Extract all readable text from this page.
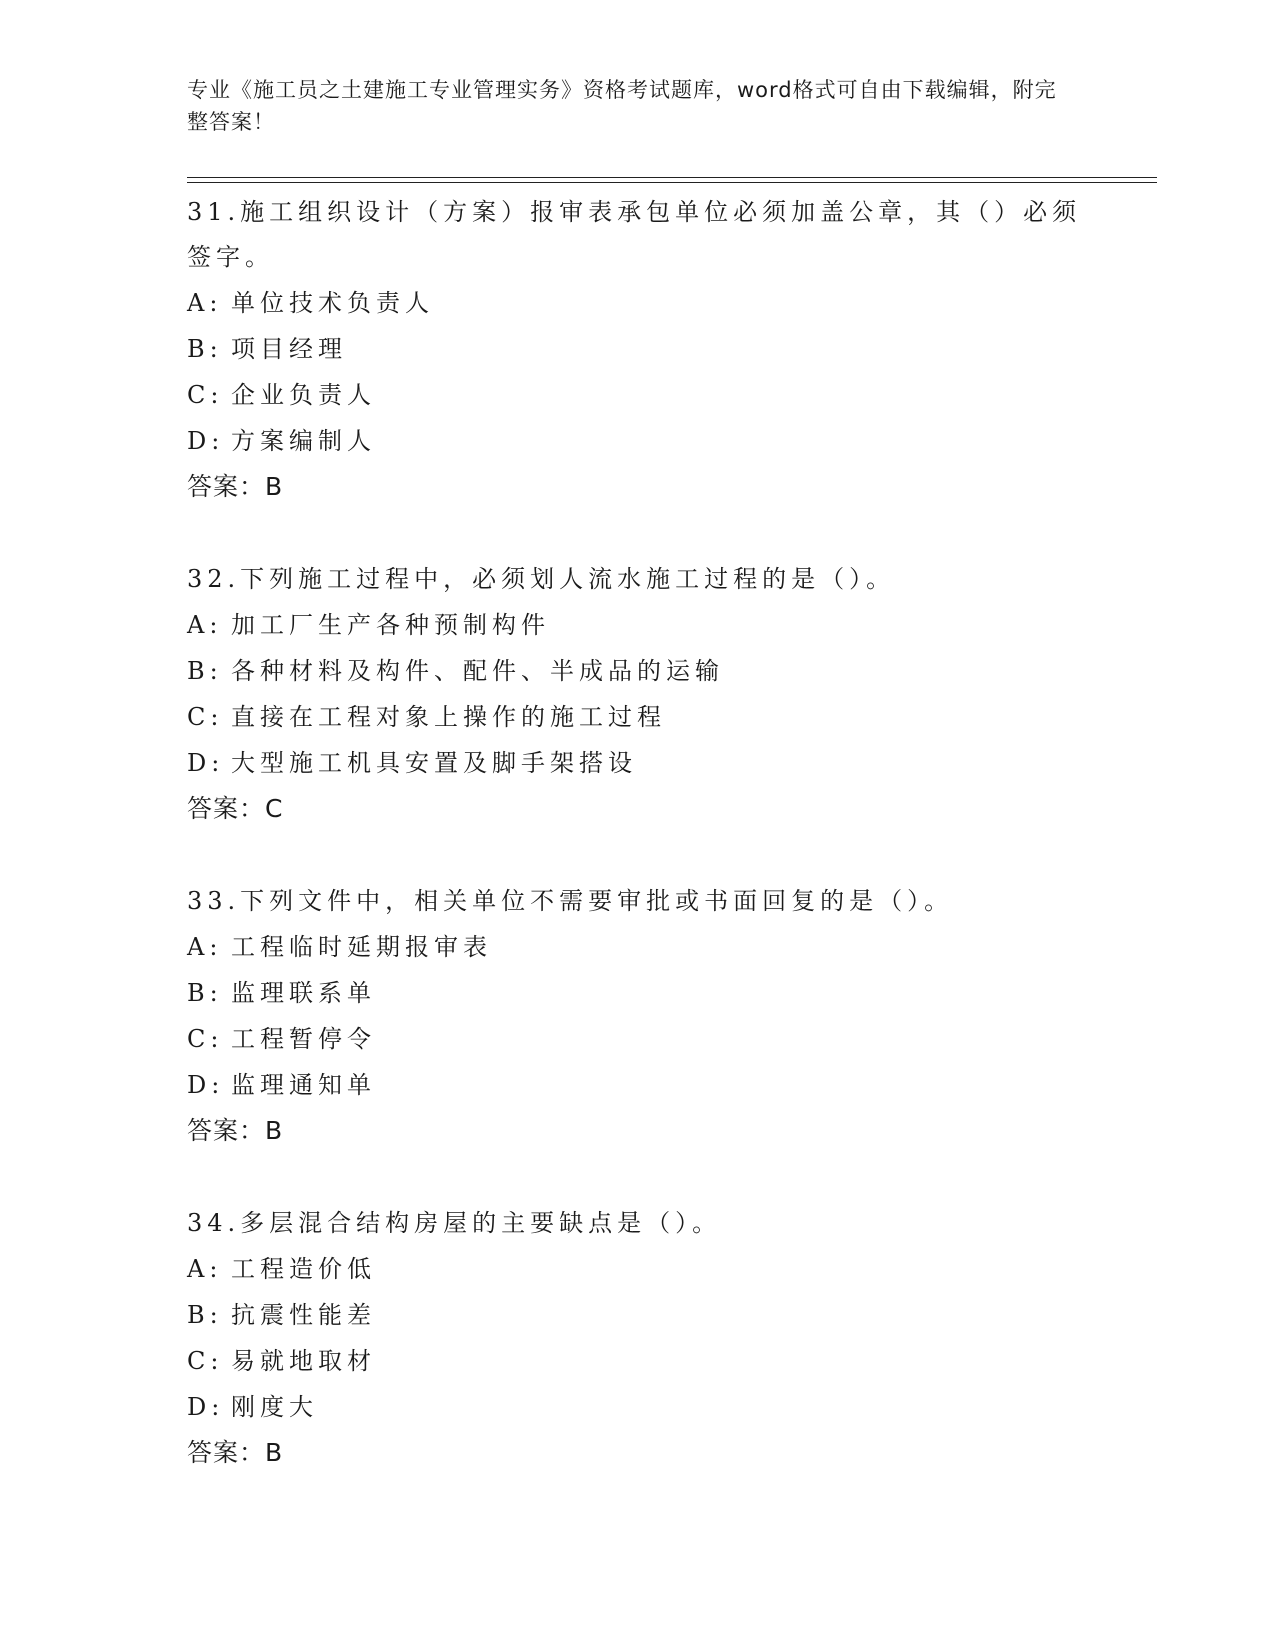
专业《施工员之土建施工专业管理实务》资格考试题库，word格式可自由下载编辑，附完整答案！

31.施工组织设计（方案）报审表承包单位必须加盖公章，其（）必须签字。

A: 单位技术负责人
B: 项目经理
C: 企业负责人
D: 方案编制人
答案：B

32.下列施工过程中，必须划人流水施工过程的是（）。

A: 加工厂生产各种预制构件
B: 各种材料及构件、配件、半成品的运输
C: 直接在工程对象上操作的施工过程
D: 大型施工机具安置及脚手架搭设
答案：C

33.下列文件中，相关单位不需要审批或书面回复的是（）。

A: 工程临时延期报审表
B: 监理联系单
C: 工程暂停令
D: 监理通知单
答案：B

34.多层混合结构房屋的主要缺点是（）。

A: 工程造价低
B: 抗震性能差
C: 易就地取材
D: 刚度大
答案：B
